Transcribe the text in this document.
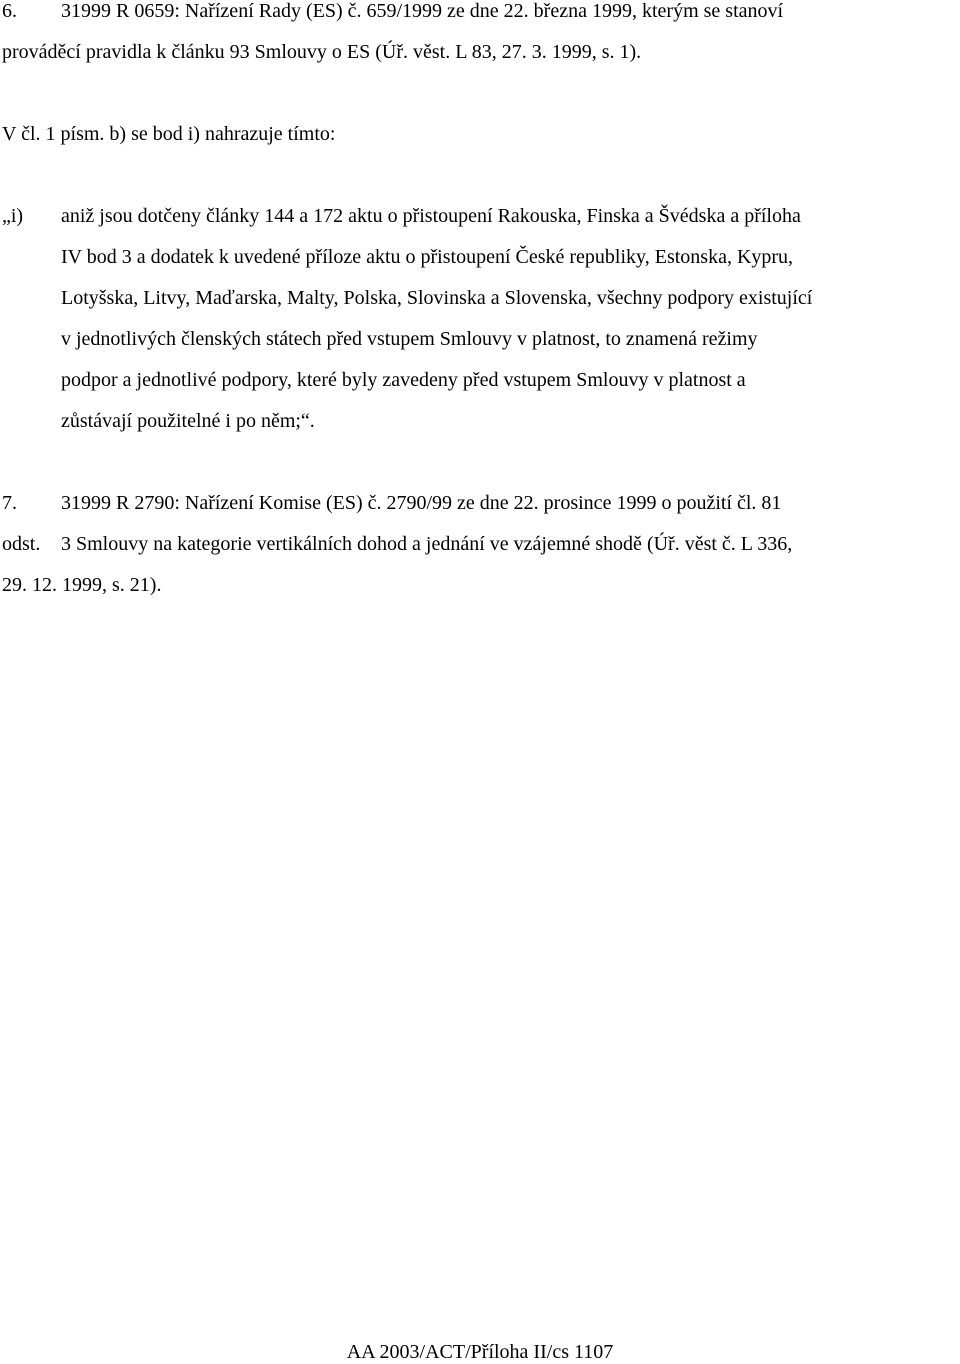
6. 31999 R 0659: Nařízení Rady (ES) č. 659/1999 ze dne 22. března 1999, kterým se stanoví
prováděcí pravidla k článku 93 Smlouvy o ES (Úř. věst. L 83, 27. 3. 1999, s. 1).
V čl. 1 písm. b) se bod i) nahrazuje tímto:
„i) aniž jsou dotčeny články 144 a 172 aktu o přistoupení Rakouska, Finska a Švédska a příloha
IV bod 3 a dodatek k uvedené příloze aktu o přistoupení České republiky, Estonska, Kypru,
Lotyšska, Litvy, Maďarska, Malty, Polska, Slovinska a Slovenska, všechny podpory existující
v jednotlivých členských státech před vstupem Smlouvy v platnost, to znamená režimy
podpor a jednotlivé podpory, které byly zavedeny před vstupem Smlouvy v platnost a
zůstávají použitelné i po něm;“.
7. 31999 R 2790: Nařízení Komise (ES) č. 2790/99 ze dne 22. prosince 1999 o použití čl. 81
odst. 3 Smlouvy na kategorie vertikálních dohod a jednání ve vzájemné shodě (Úř. věst č. L 336,
29. 12. 1999, s. 21).
AA 2003/ACT/Příloha II/cs 1107
